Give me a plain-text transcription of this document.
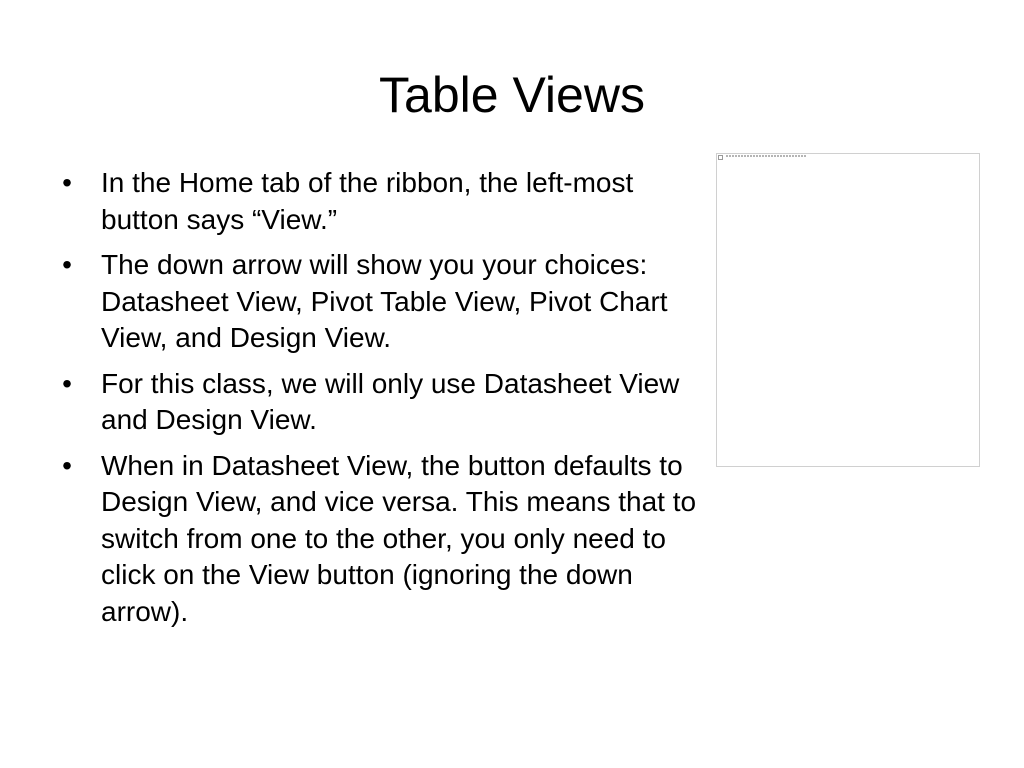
Table Views
• In the Home tab of the ribbon, the left-most button says “View.”
• The down arrow will show you your choices: Datasheet View, Pivot Table View, Pivot Chart View, and Design View.
• For this class, we will only use Datasheet View and Design View.
• When in Datasheet View, the button defaults to Design View, and vice versa. This means that to switch from one to the other, you only need to click on the View button (ignoring the down arrow).
